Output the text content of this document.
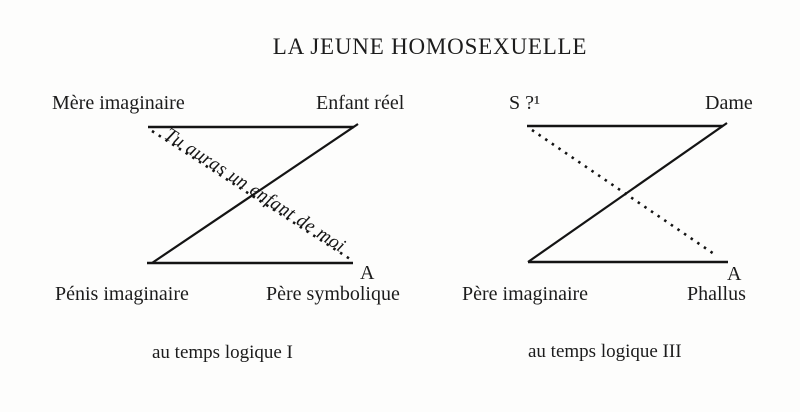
LA JEUNE HOMOSEXUELLE
Mère imaginaire	Enfant réel
Pénis imaginaire	Père symbolique
A
Tu auras un enfant de moi
au temps logique I
S ?¹	Dame
Père imaginaire	Phallus
A
au temps logique III
